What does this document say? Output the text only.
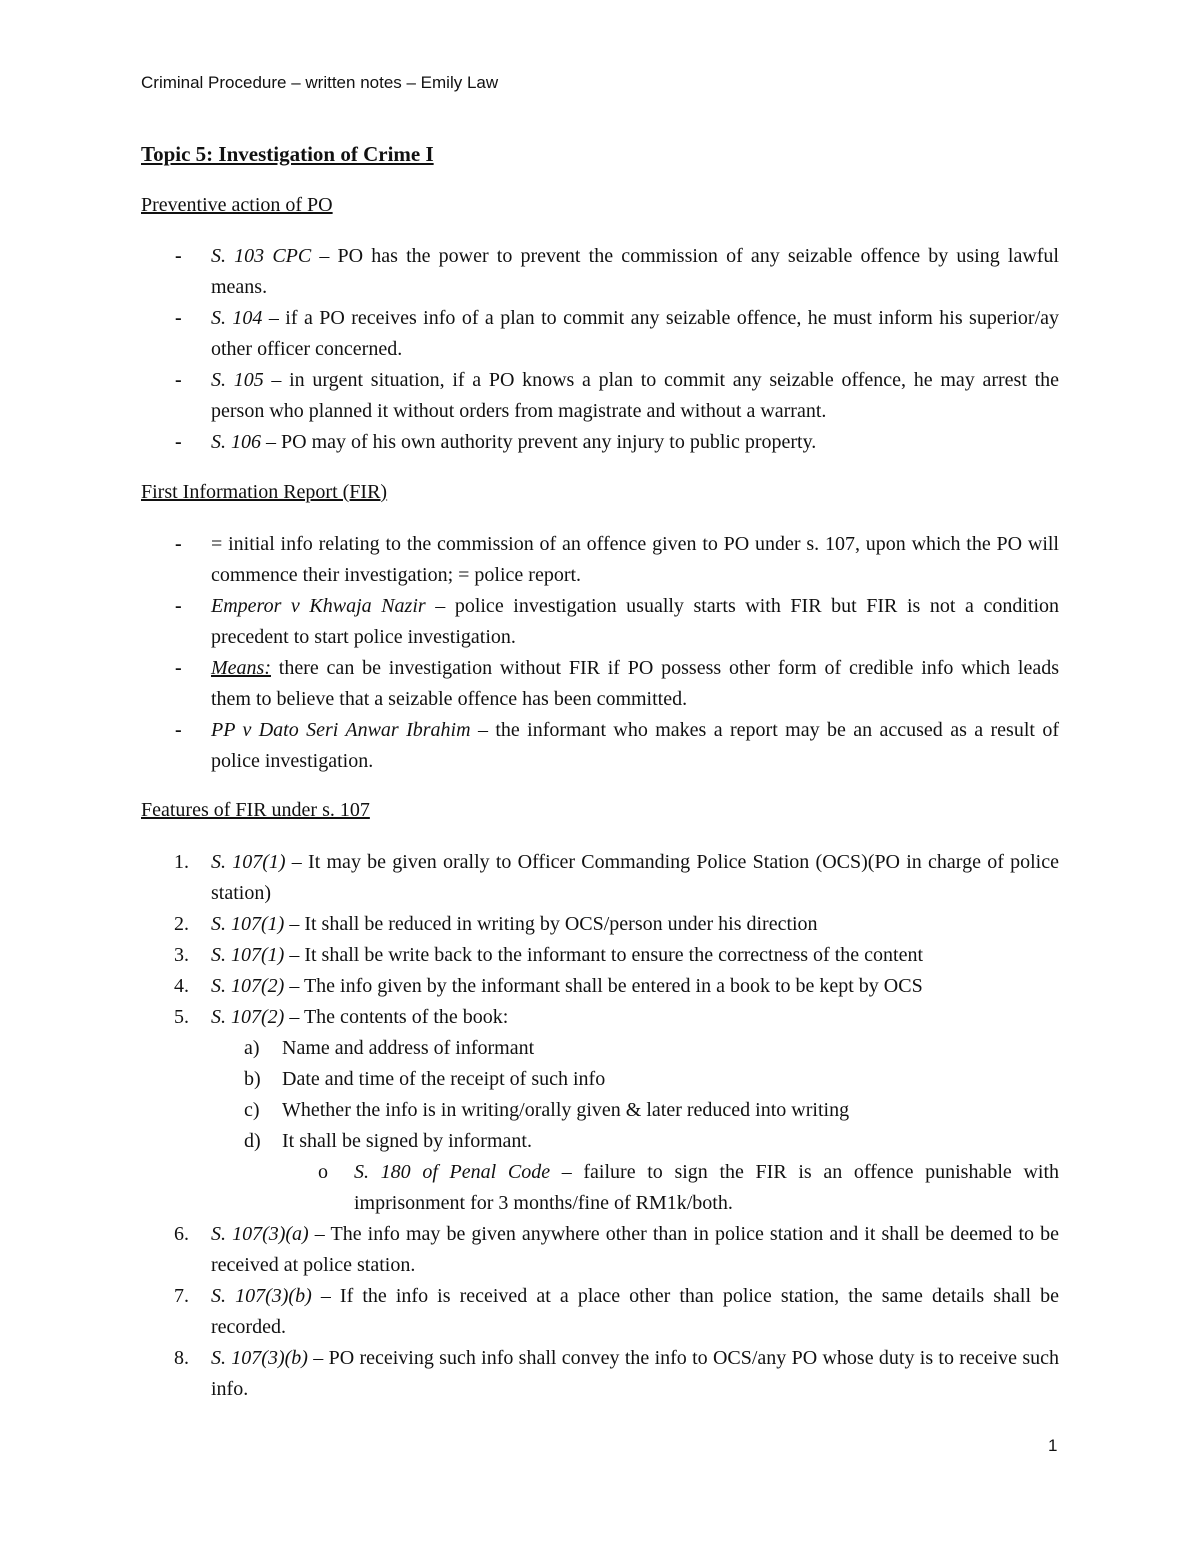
Criminal Procedure – written notes – Emily Law
Topic 5: Investigation of Crime I
Preventive action of PO
- S. 103 CPC – PO has the power to prevent the commission of any seizable offence by using lawful means.
- S. 104 – if a PO receives info of a plan to commit any seizable offence, he must inform his superior/ay other officer concerned.
- S. 105 – in urgent situation, if a PO knows a plan to commit any seizable offence, he may arrest the person who planned it without orders from magistrate and without a warrant.
- S. 106 – PO may of his own authority prevent any injury to public property.
First Information Report (FIR)
- = initial info relating to the commission of an offence given to PO under s. 107, upon which the PO will commence their investigation; = police report.
- Emperor v Khwaja Nazir – police investigation usually starts with FIR but FIR is not a condition precedent to start police investigation.
- Means: there can be investigation without FIR if PO possess other form of credible info which leads them to believe that a seizable offence has been committed.
- PP v Dato Seri Anwar Ibrahim – the informant who makes a report may be an accused as a result of police investigation.
Features of FIR under s. 107
1. S. 107(1) – It may be given orally to Officer Commanding Police Station (OCS)(PO in charge of police station)
2. S. 107(1) – It shall be reduced in writing by OCS/person under his direction
3. S. 107(1) – It shall be write back to the informant to ensure the correctness of the content
4. S. 107(2) – The info given by the informant shall be entered in a book to be kept by OCS
5. S. 107(2) – The contents of the book:
a) Name and address of informant
b) Date and time of the receipt of such info
c) Whether the info is in writing/orally given & later reduced into writing
d) It shall be signed by informant.
o S. 180 of Penal Code – failure to sign the FIR is an offence punishable with imprisonment for 3 months/fine of RM1k/both.
6. S. 107(3)(a) – The info may be given anywhere other than in police station and it shall be deemed to be received at police station.
7. S. 107(3)(b) – If the info is received at a place other than police station, the same details shall be recorded.
8. S. 107(3)(b) – PO receiving such info shall convey the info to OCS/any PO whose duty is to receive such info.
1
